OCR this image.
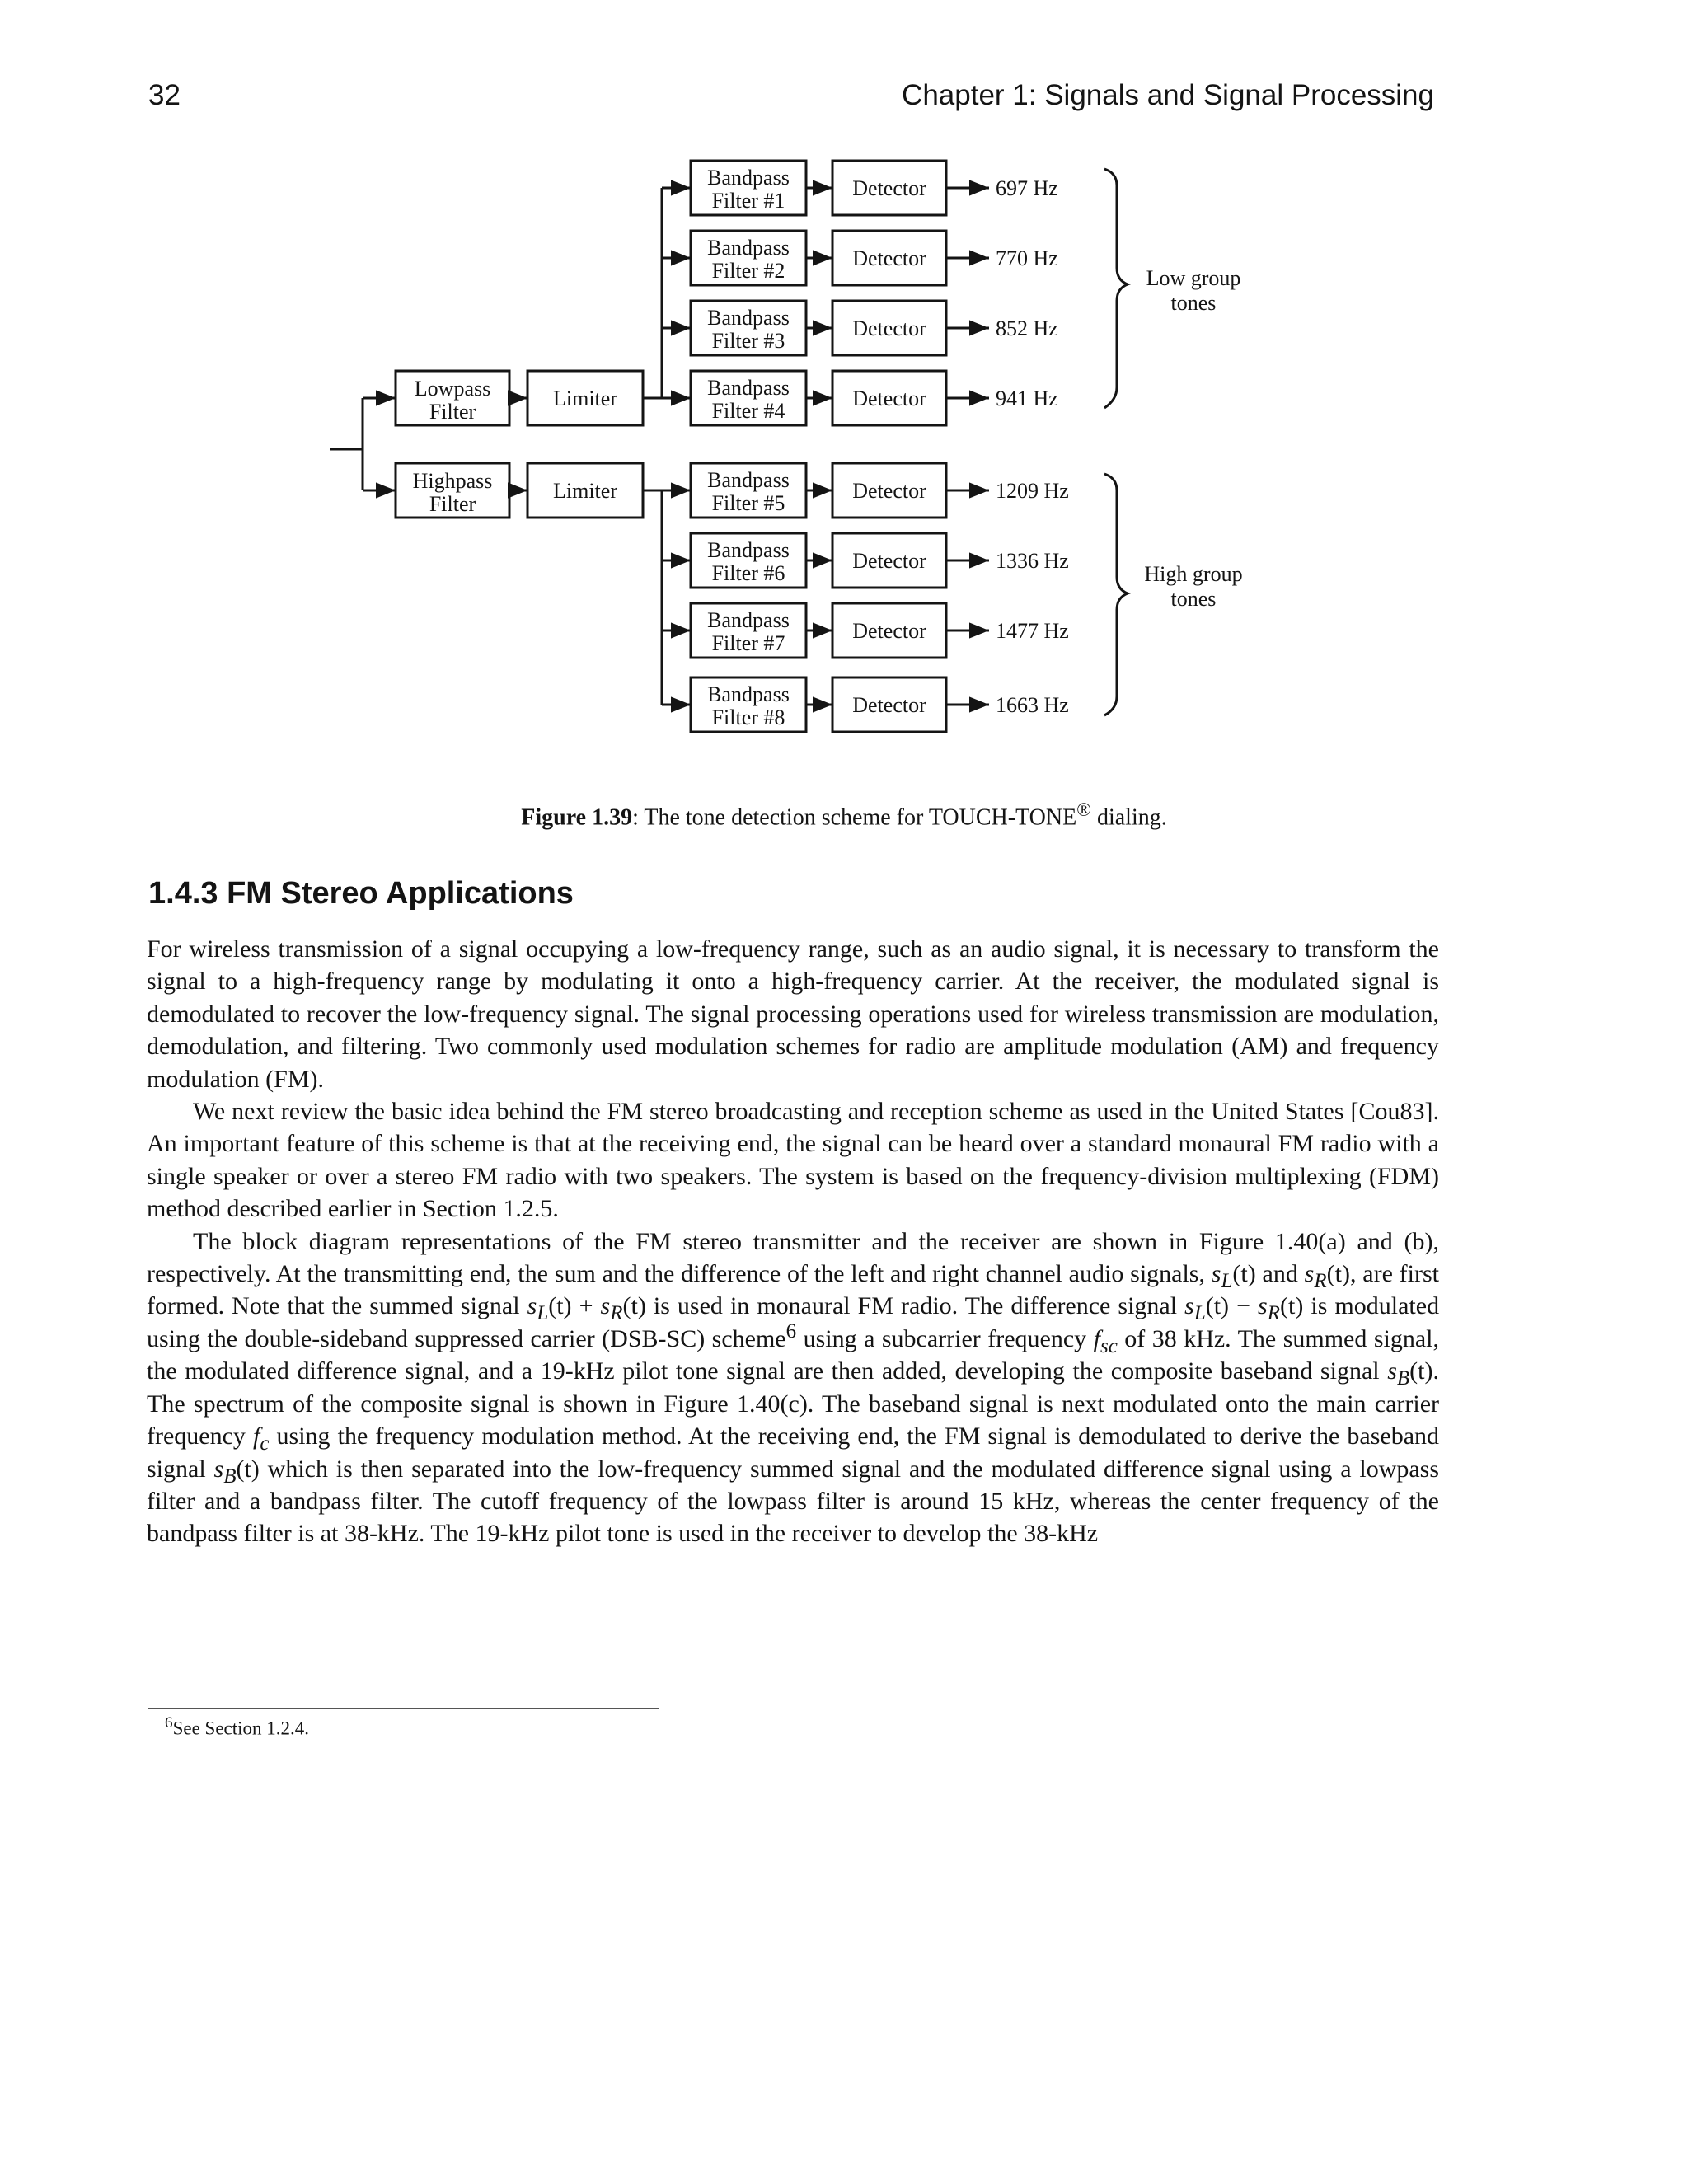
32	Chapter 1: Signals and Signal Processing
Lowpass
Filter
Highpass
Filter
Limiter
Limiter
Bandpass
Filter #1
Bandpass
Filter #2
Bandpass
Filter #3
Bandpass
Filter #4
Bandpass
Filter #5
Bandpass
Filter #6
Bandpass
Filter #7
Bandpass
Filter #8
Detector
Detector
Detector
Detector
Detector
Detector
Detector
Detector
697 Hz
770 Hz
852 Hz
941 Hz
1209 Hz
1336 Hz
1477 Hz
1663 Hz
Low group
tones
High group
tones
Figure 1.39: The tone detection scheme for TOUCH-TONE® dialing.
1.4.3 FM Stereo Applications

For wireless transmission of a signal occupying a low-frequency range, such as an audio signal, it is necessary to transform the signal to a high-frequency range by modulating it onto a high-frequency carrier. At the receiver, the modulated signal is demodulated to recover the low-frequency signal. The signal processing operations used for wireless transmission are modulation, demodulation, and filtering. Two commonly used modulation schemes for radio are amplitude modulation (AM) and frequency modulation (FM).

We next review the basic idea behind the FM stereo broadcasting and reception scheme as used in the United States [Cou83]. An important feature of this scheme is that at the receiving end, the signal can be heard over a standard monaural FM radio with a single speaker or over a stereo FM radio with two speakers. The system is based on the frequency-division multiplexing (FDM) method described earlier in Section 1.2.5.

The block diagram representations of the FM stereo transmitter and the receiver are shown in Figure 1.40(a) and (b), respectively. At the transmitting end, the sum and the difference of the left and right channel audio signals, $s_L(t)$ and $s_R(t)$, are first formed. Note that the summed signal $s_L(t) + s_R(t)$ is used in monaural FM radio. The difference signal $s_L(t) - s_R(t)$ is modulated using the double-sideband suppressed carrier (DSB-SC) scheme$^6$ using a subcarrier frequency $f_{sc}$ of 38 kHz. The summed signal, the modulated difference signal, and a 19-kHz pilot tone signal are then added, developing the composite baseband signal $s_B(t)$. The spectrum of the composite signal is shown in Figure 1.40(c). The baseband signal is next modulated onto the main carrier frequency $f_c$ using the frequency modulation method. At the receiving end, the FM signal is demodulated to derive the baseband signal $s_B(t)$ which is then separated into the low-frequency summed signal and the modulated difference signal using a lowpass filter and a bandpass filter. The cutoff frequency of the lowpass filter is around 15 kHz, whereas the center frequency of the bandpass filter is at 38-kHz. The 19-kHz pilot tone is used in the receiver to develop the 38-kHz

$^6$See Section 1.2.4.
